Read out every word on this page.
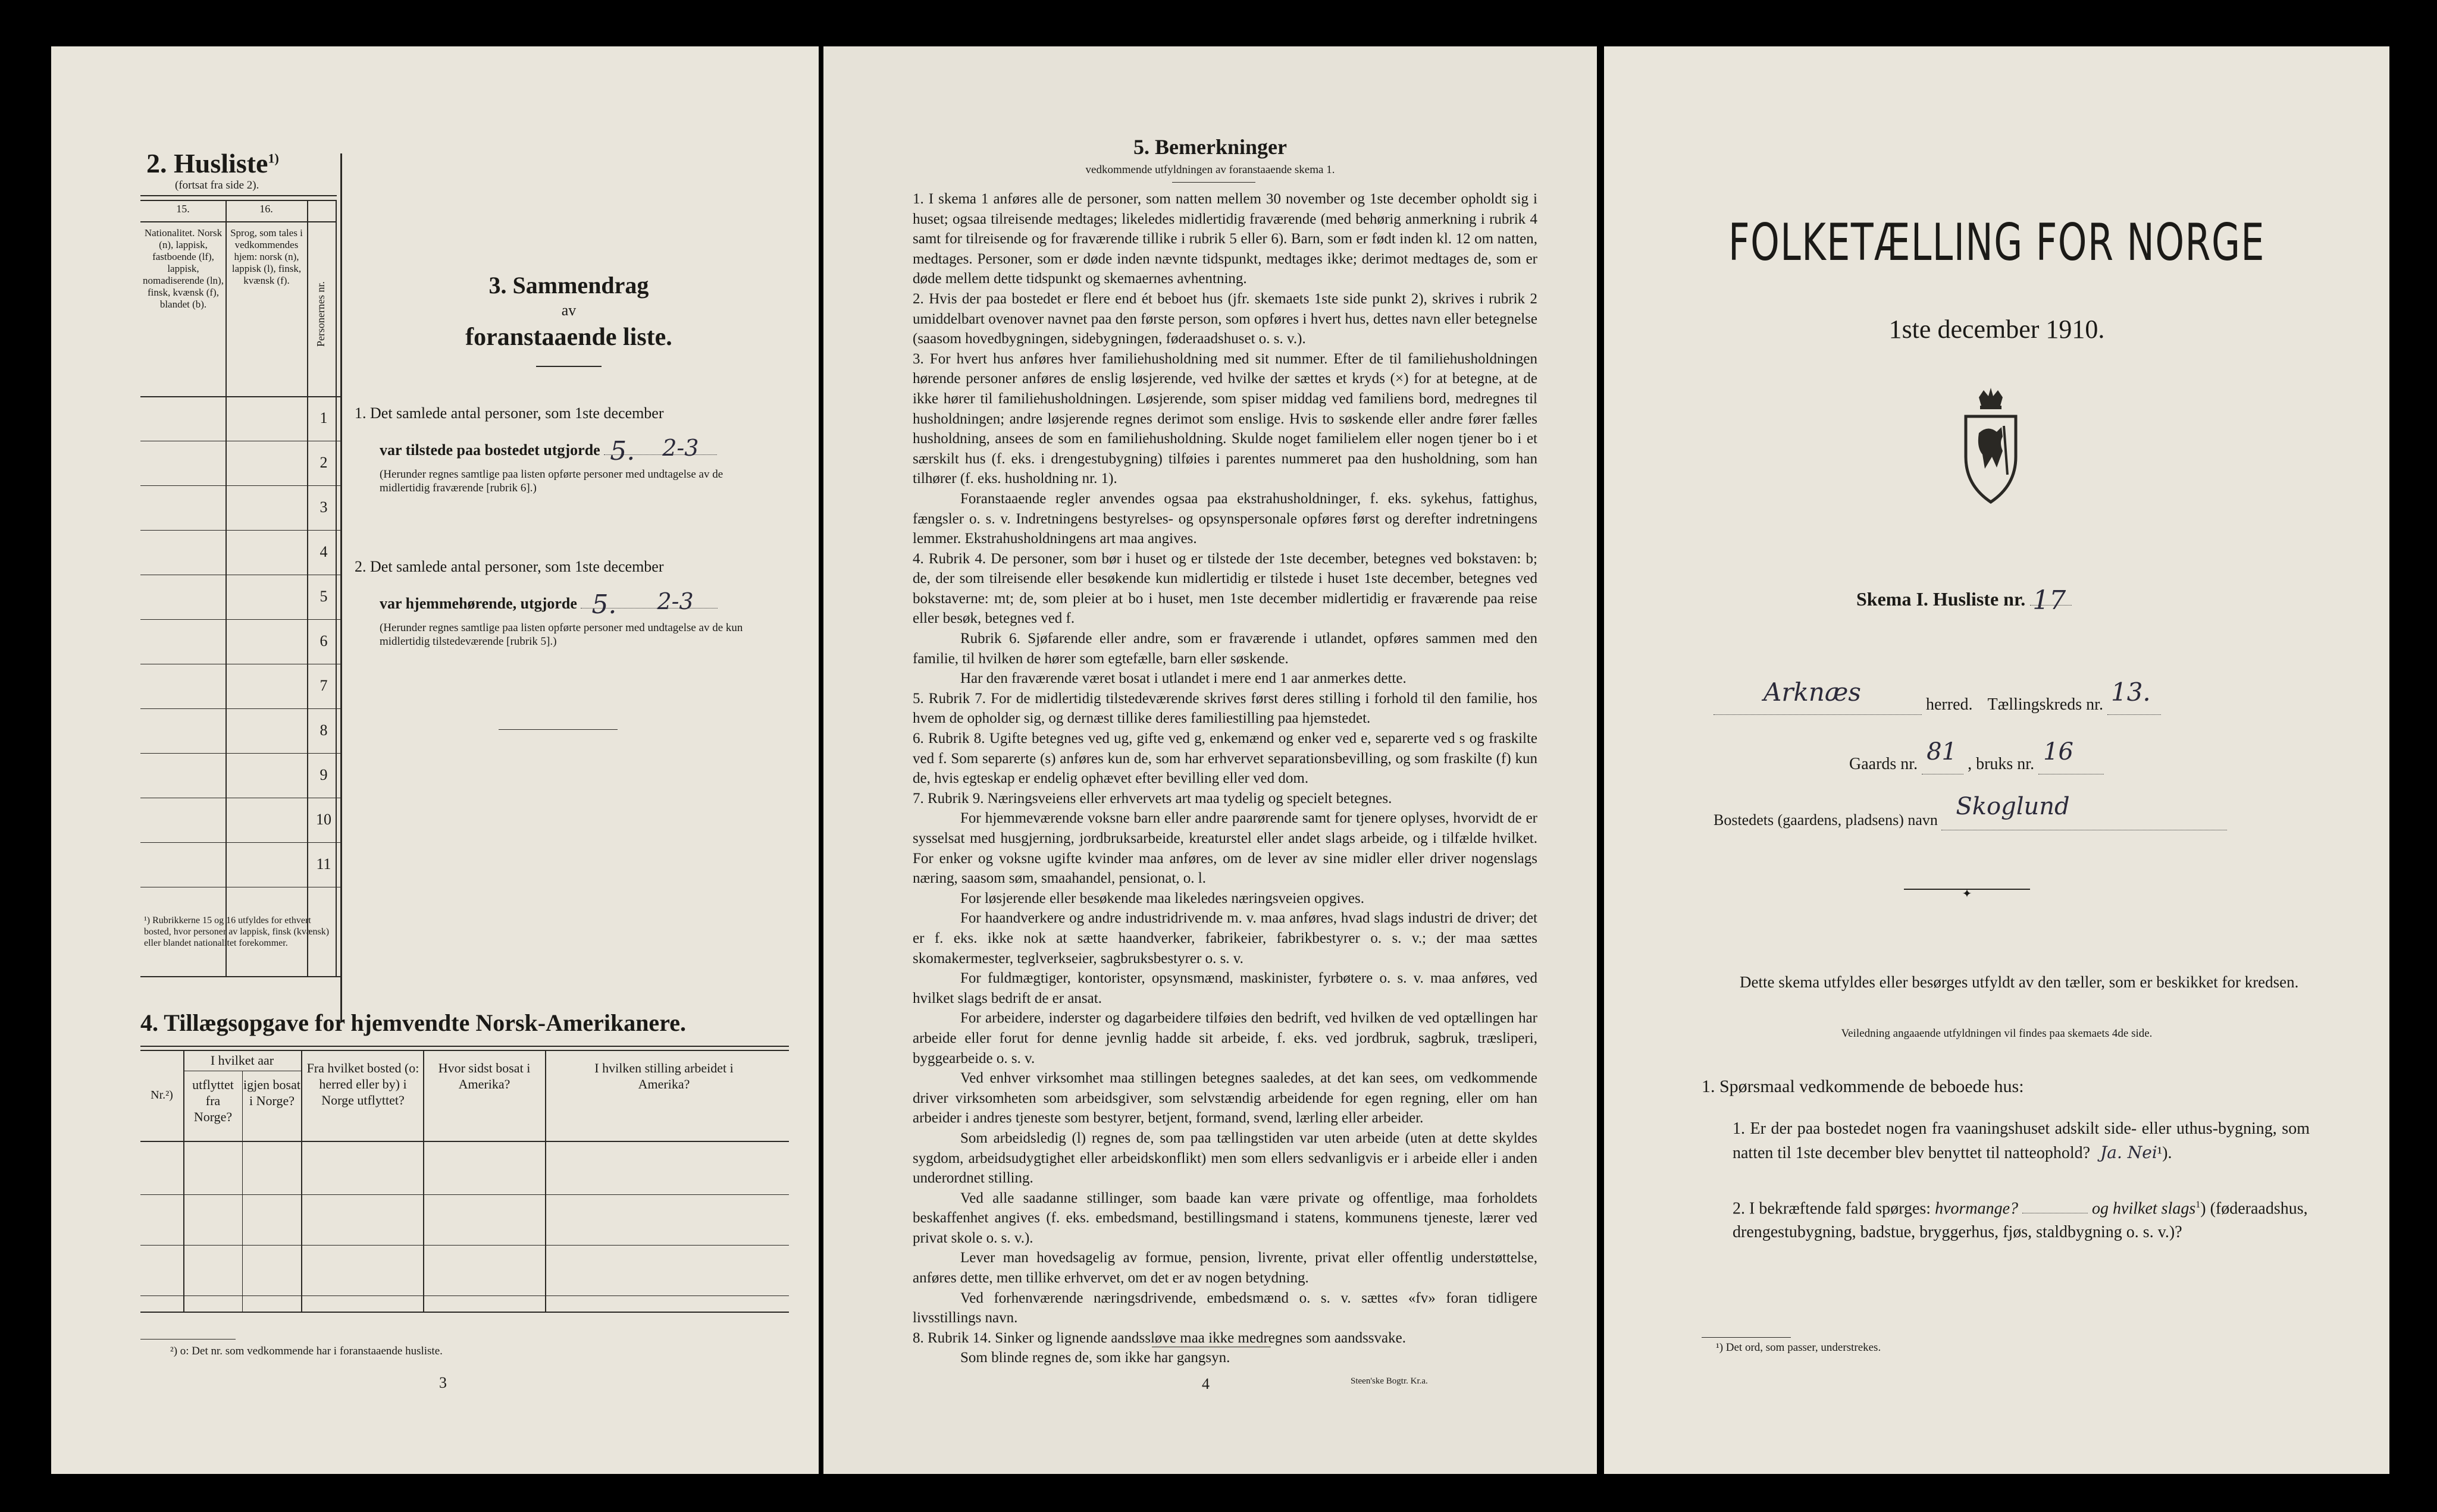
2. Husliste$^{1)}$
(fortsat fra side 2).
15.	16.
Nationalitet. Norsk (n), lappisk, fastboende (lf), lappisk, nomadiserende (ln), finsk, kvænsk (f), blandet (b).
Sprog, som tales i vedkommendes hjem: norsk (n), lappisk (l), finsk, kvænsk (f).
Personernes nr.
1
2
3
4
5
6
7
8
9
10
11
¹) Rubrikkerne 15 og 16 utfyldes for ethvert bosted, hvor personer av lappisk, finsk (kvænsk) eller blandet nationalitet forekommer.
3. Sammendrag
av
foranstaaende liste.
1. Det samlede antal personer, som 1ste december
var tilstede paa bostedet utgjorde 5. 2-3
(Herunder regnes samtlige paa listen opførte personer med undtagelse av de midlertidig fraværende [rubrik 6].)
2. Det samlede antal personer, som 1ste december
var hjemmehørende, utgjorde 5. 2-3
(Herunder regnes samtlige paa listen opførte personer med undtagelse av de kun midlertidig tilstedeværende [rubrik 5].)
4. Tillægsopgave for hjemvendte Norsk-Amerikanere.
Nr.²)
I hvilket aar
utflyttet fra Norge?
igjen bosat i Norge?
Fra hvilket bosted (o: herred eller by) i Norge utflyttet?
Hvor sidst bosat i Amerika?
I hvilken stilling arbeidet i Amerika?
²) o: Det nr. som vedkommende har i foranstaaende husliste.
3
5. Bemerkninger
vedkommende utfyldningen av foranstaaende skema 1.

1. I skema 1 anføres alle de personer, som natten mellem 30 november og 1ste december opholdt sig i huset; ogsaa tilreisende medtages; likeledes midlertidig fraværende (med behørig anmerkning i rubrik 4 samt for tilreisende og for fraværende tillike i rubrik 5 eller 6). Barn, som er født inden kl. 12 om natten, medtages. Personer, som er døde inden nævnte tidspunkt, medtages ikke; derimot medtages de, som er døde mellem dette tidspunkt og skemaernes avhentning.

2. Hvis der paa bostedet er flere end ét beboet hus (jfr. skemaets 1ste side punkt 2), skrives i rubrik 2 umiddelbart ovenover navnet paa den første person, som opføres i hvert hus, dettes navn eller betegnelse (saasom hovedbygningen, sidebygningen, føderaadshuset o. s. v.).

3. For hvert hus anføres hver familiehusholdning med sit nummer. Efter de til familiehusholdningen hørende personer anføres de enslig løsjerende, ved hvilke der sættes et kryds (×) for at betegne, at de ikke hører til familiehusholdningen. Løsjerende, som spiser middag ved familiens bord, medregnes til husholdningen; andre løsjerende regnes derimot som enslige. Hvis to søskende eller andre fører fælles husholdning, ansees de som en familiehusholdning. Skulde noget familielem eller nogen tjener bo i et særskilt hus (f. eks. i drengestubygning) tilføies i parentes nummeret paa den husholdning, som han tilhører (f. eks. husholdning nr. 1).

Foranstaaende regler anvendes ogsaa paa ekstrahusholdninger, f. eks. sykehus, fattighus, fængsler o. s. v. Indretningens bestyrelses- og opsynspersonale opføres først og derefter indretningens lemmer. Ekstrahusholdningens art maa angives.

4. Rubrik 4. De personer, som bør i huset og er tilstede der 1ste december, betegnes ved bokstaven: b; de, der som tilreisende eller besøkende kun midlertidig er tilstede i huset 1ste december, betegnes ved bokstaverne: mt; de, som pleier at bo i huset, men 1ste december midlertidig er fraværende paa reise eller besøk, betegnes ved f.

Rubrik 6. Sjøfarende eller andre, som er fraværende i utlandet, opføres sammen med den familie, til hvilken de hører som egtefælle, barn eller søskende.

Har den fraværende været bosat i utlandet i mere end 1 aar anmerkes dette.

5. Rubrik 7. For de midlertidig tilstedeværende skrives først deres stilling i forhold til den familie, hos hvem de opholder sig, og dernæst tillike deres familiestilling paa hjemstedet.

6. Rubrik 8. Ugifte betegnes ved ug, gifte ved g, enkemænd og enker ved e, separerte ved s og fraskilte ved f. Som separerte (s) anføres kun de, som har erhvervet separationsbevilling, og som fraskilte (f) kun de, hvis egteskap er endelig ophævet efter bevilling eller ved dom.

7. Rubrik 9. Næringsveiens eller erhvervets art maa tydelig og specielt betegnes.

For hjemmeværende voksne barn eller andre paarørende samt for tjenere oplyses, hvorvidt de er sysselsat med husgjerning, jordbruksarbeide, kreaturstel eller andet slags arbeide, og i tilfælde hvilket. For enker og voksne ugifte kvinder maa anføres, om de lever av sine midler eller driver nogenslags næring, saasom søm, smaahandel, pensionat, o. l.

For løsjerende eller besøkende maa likeledes næringsveien opgives.

For haandverkere og andre industridrivende m. v. maa anføres, hvad slags industri de driver; det er f. eks. ikke nok at sætte haandverker, fabrikeier, fabrikbestyrer o. s. v.; der maa sættes skomakermester, teglverkseier, sagbruksbestyrer o. s. v.

For fuldmægtiger, kontorister, opsynsmænd, maskinister, fyrbøtere o. s. v. maa anføres, ved hvilket slags bedrift de er ansat.

For arbeidere, inderster og dagarbeidere tilføies den bedrift, ved hvilken de ved optællingen har arbeide eller forut for denne jevnlig hadde sit arbeide, f. eks. ved jordbruk, sagbruk, træsliperi, byggearbeide o. s. v.

Ved enhver virksomhet maa stillingen betegnes saaledes, at det kan sees, om vedkommende driver virksomheten som arbeidsgiver, som selvstændig arbeidende for egen regning, eller om han arbeider i andres tjeneste som bestyrer, betjent, formand, svend, lærling eller arbeider.

Som arbeidsledig (l) regnes de, som paa tællingstiden var uten arbeide (uten at dette skyldes sygdom, arbeidsudygtighet eller arbeidskonflikt) men som ellers sedvanligvis er i arbeide eller i anden underordnet stilling.

Ved alle saadanne stillinger, som baade kan være private og offentlige, maa forholdets beskaffenhet angives (f. eks. embedsmand, bestillingsmand i statens, kommunens tjeneste, lærer ved privat skole o. s. v.).

Lever man hovedsagelig av formue, pension, livrente, privat eller offentlig understøttelse, anføres dette, men tillike erhvervet, om det er av nogen betydning.

Ved forhenværende næringsdrivende, embedsmænd o. s. v. sættes «fv» foran tidligere livsstillings navn.

8. Rubrik 14. Sinker og lignende aandssløve maa ikke medregnes som aandssvake.

Som blinde regnes de, som ikke har gangsyn.

4	Steen'ske Bogtr. Kr.a.
FOLKETÆLLING FOR NORGE
1ste december 1910.
Skema I. Husliste nr. 17
Arknæs	herred. Tællingskreds nr. 13.
Gaards nr. 81 , bruks nr. 16
Bostedets (gaardens, pladsens) navn Skoglund
✦
Dette skema utfyldes eller besørges utfyldt av den tæller, som er beskikket for kredsen.
Veiledning angaaende utfyldningen vil findes paa skemaets 4de side.
1. Spørsmaal vedkommende de beboede hus:
1. Er der paa bostedet nogen fra vaaningshuset adskilt side- eller uthus-bygning, som natten til 1ste december blev benyttet til natteophold? Ja. Nei¹).
2. I bekræftende fald spørges: hvormange?	og hvilket slags$^1$) (føderaadshus, drengestubygning, badstue, bryggerhus, fjøs, staldbygning o. s. v.)?
¹) Det ord, som passer, understrekes.
